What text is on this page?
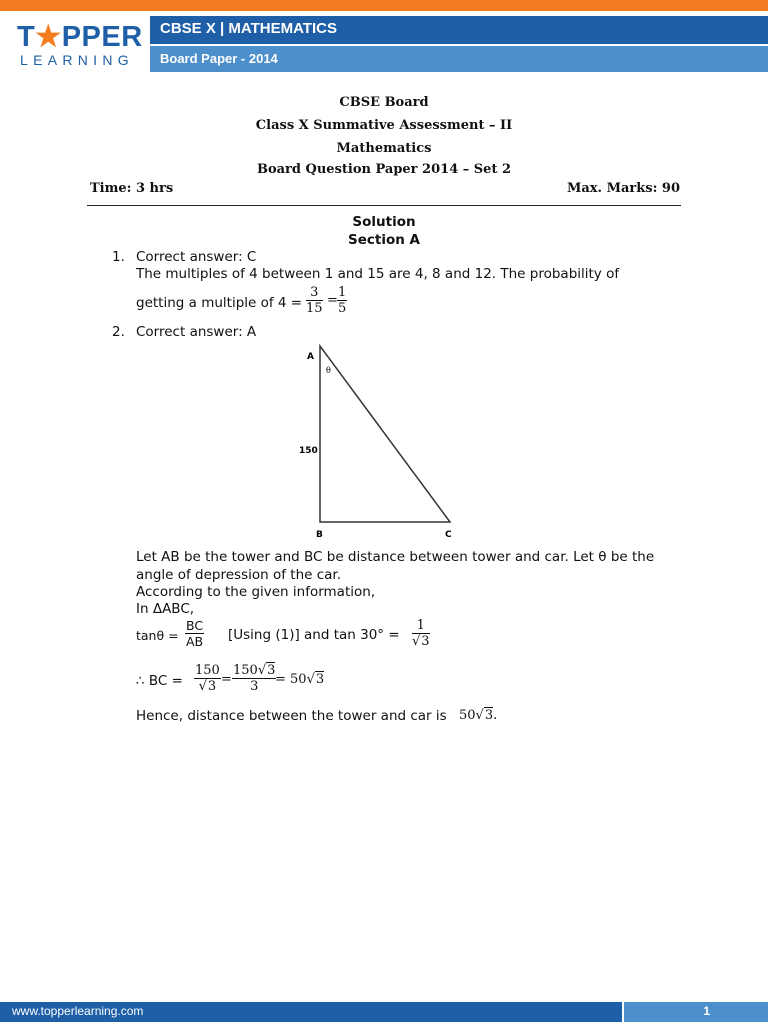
T★PPER
LEARNING
CBSE X | MATHEMATICS
Board Paper - 2014
CBSE Board
Class X Summative Assessment – II
Mathematics
Board Question Paper 2014 – Set 2
Time: 3 hrs	Max. Marks: 90
Solution
Section A
1. Correct answer: C
The multiples of 4 between 1 and 15 are 4, 8 and 12. The probability of
getting a multiple of $4 = \frac{3}{15} = \frac{1}{5}$
2. Correct answer: A
A
B	C
150
θ
Let AB be the tower and BC be distance between tower and car. Let θ be the
angle of depression of the car.
According to the given information,
In ΔABC,
$\tan\theta = \frac{BC}{AB} [Using$ (1)] and $\tan 30^\circ = \frac{1}{√3}$
∴ BC = $\frac{150}{√3} = \frac{150√3}{3}$
= 50√3
Hence, distance between the tower and car is 50√3.
www.topperlearning.com	1
